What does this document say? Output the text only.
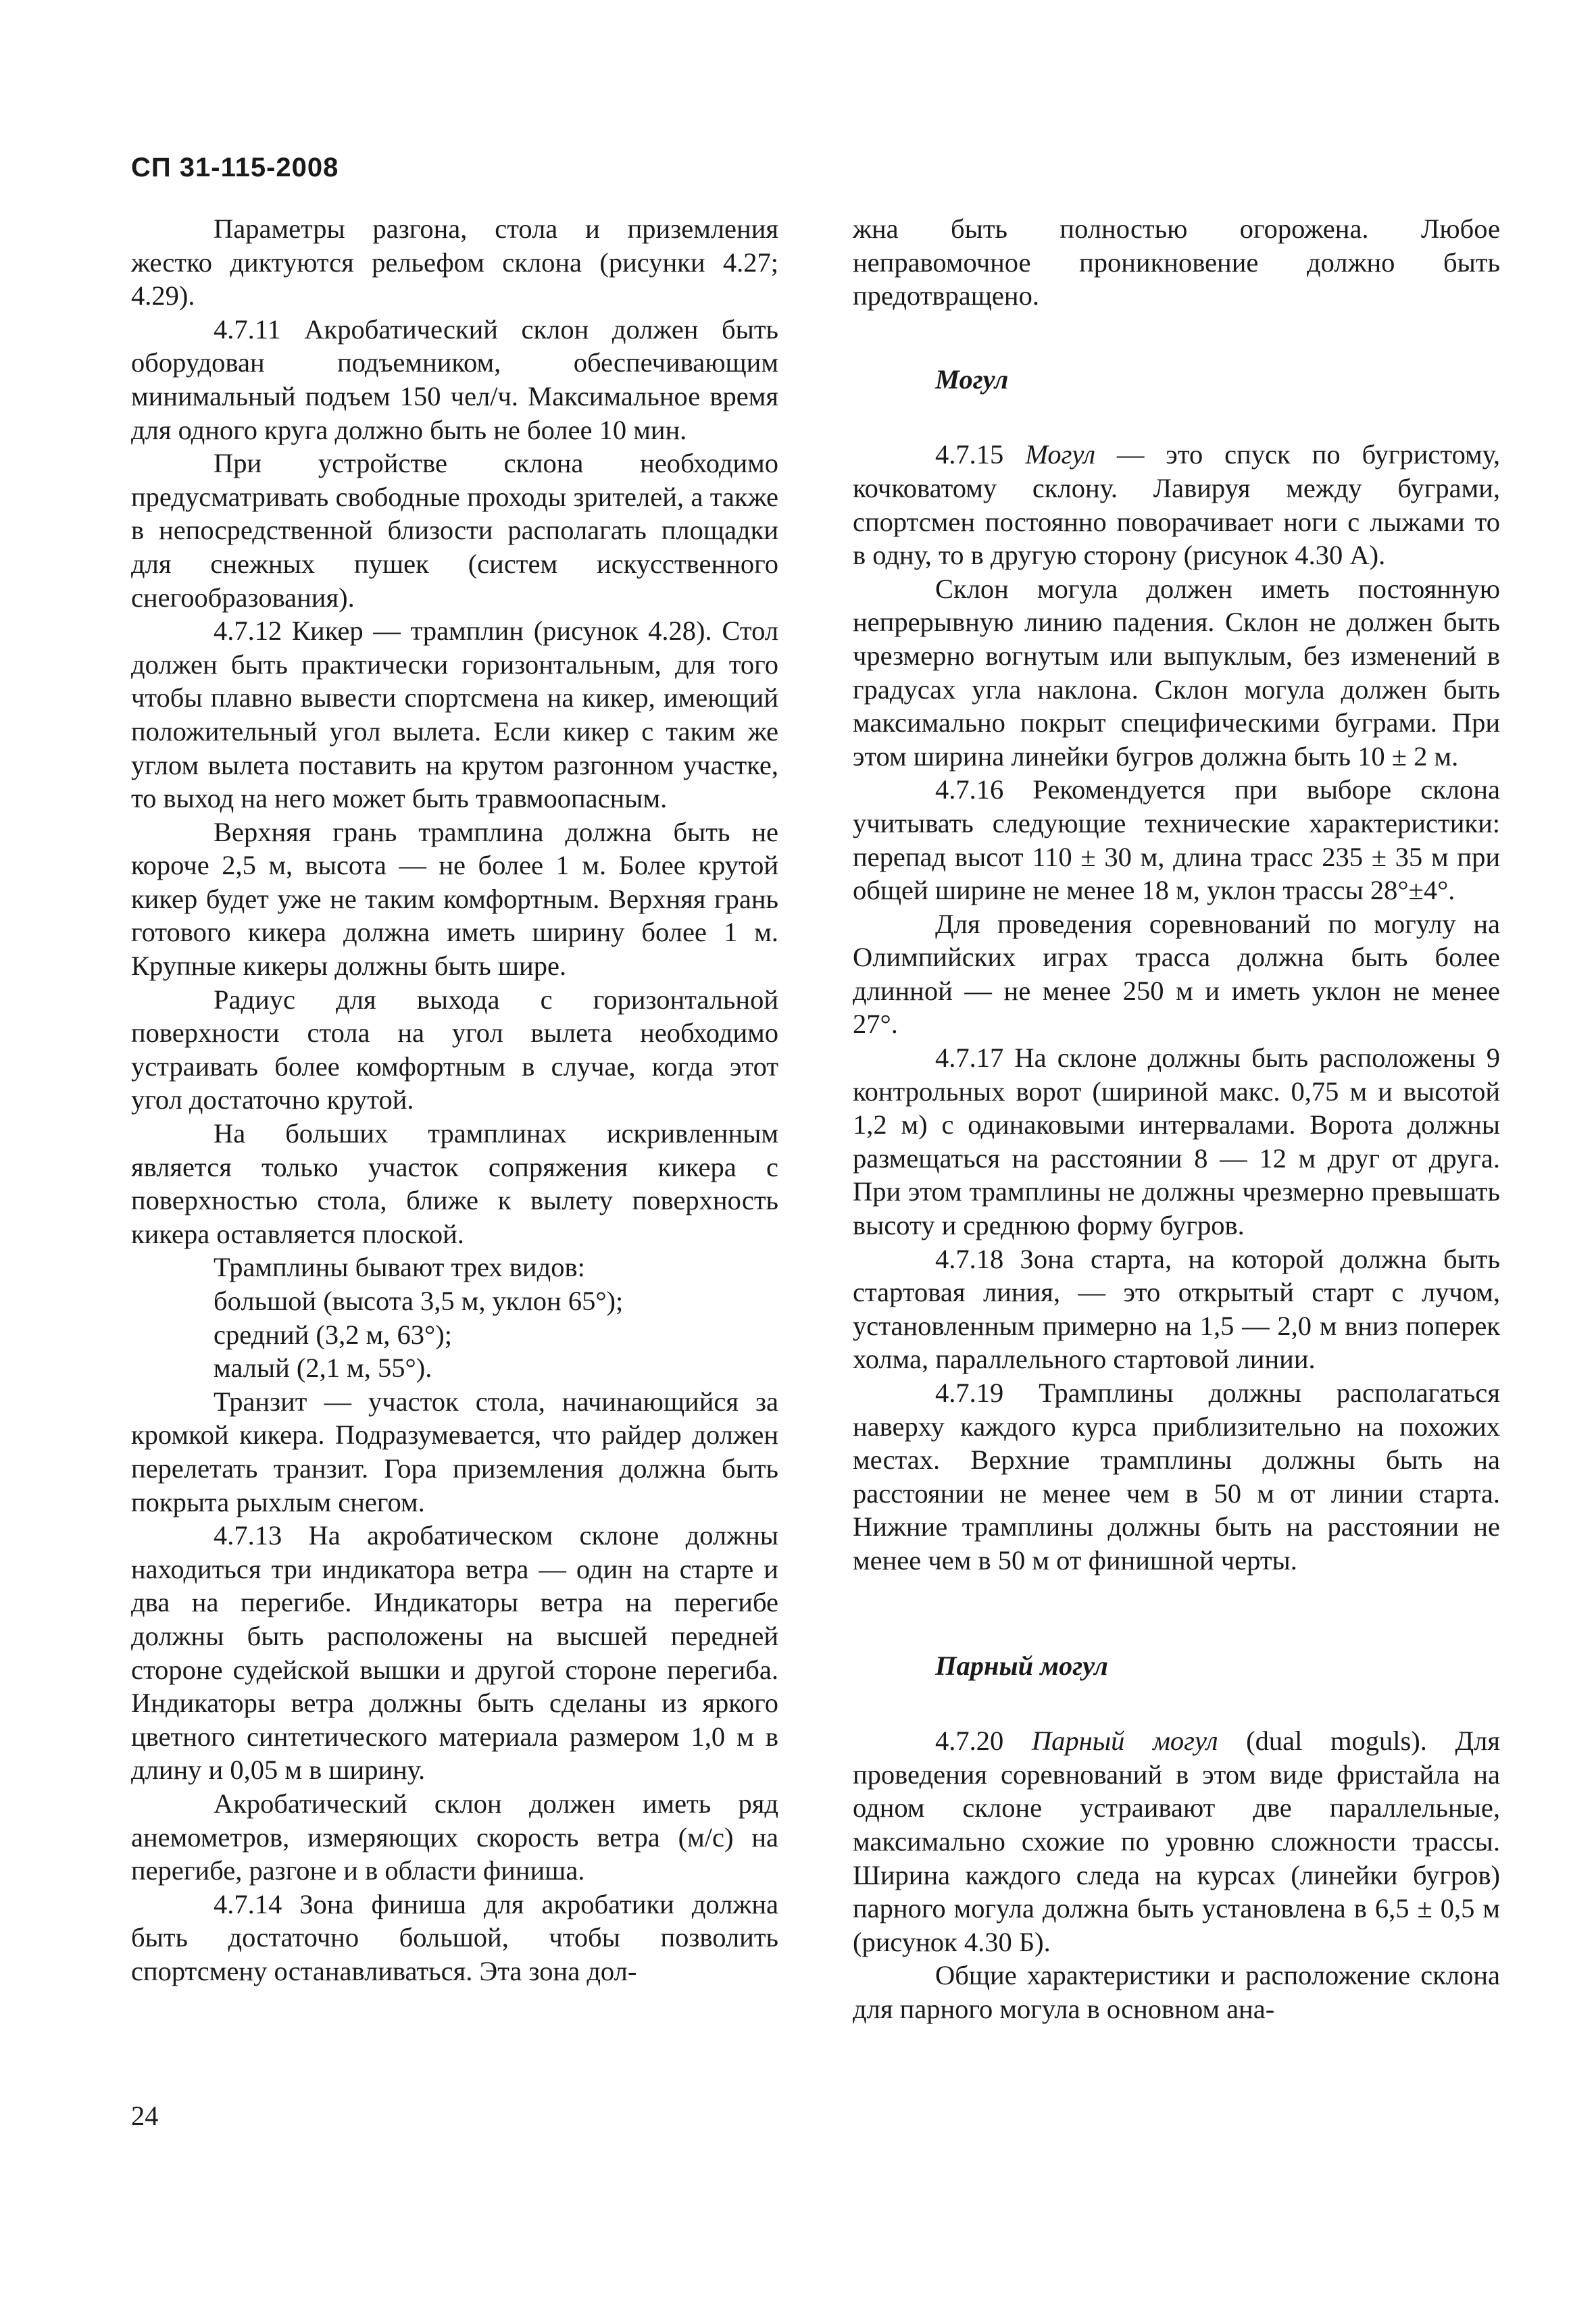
СП 31-115-2008

Параметры разгона, стола и приземления жестко диктуются рельефом склона (рисунки 4.27; 4.29).

4.7.11 Акробатический склон должен быть оборудован подъемником, обеспечивающим минимальный подъем 150 чел/ч. Максимальное время для одного круга должно быть не более 10 мин.

При устройстве склона необходимо предусматривать свободные проходы зрителей, а также в непосредственной близости располагать площадки для снежных пушек (систем искусственного снегообразования).

4.7.12 Кикер — трамплин (рисунок 4.28). Стол должен быть практически горизонтальным, для того чтобы плавно вывести спортсмена на кикер, имеющий положительный угол вылета. Если кикер с таким же углом вылета поставить на крутом разгонном участке, то выход на него может быть травмоопасным.

Верхняя грань трамплина должна быть не короче 2,5 м, высота — не более 1 м. Более крутой кикер будет уже не таким комфортным. Верхняя грань готового кикера должна иметь ширину более 1 м. Крупные кикеры должны быть шире.

Радиус для выхода с горизонтальной поверхности стола на угол вылета необходимо устраивать более комфортным в случае, когда этот угол достаточно крутой.

На больших трамплинах искривленным является только участок сопряжения кикера с поверхностью стола, ближе к вылету поверхность кикера оставляется плоской.

Трамплины бывают трех видов:

большой (высота 3,5 м, уклон 65°);

средний (3,2 м, 63°);

малый (2,1 м, 55°).

Транзит — участок стола, начинающийся за кромкой кикера. Подразумевается, что райдер должен перелетать транзит. Гора приземления должна быть покрыта рыхлым снегом.

4.7.13 На акробатическом склоне должны находиться три индикатора ветра — один на старте и два на перегибе. Индикаторы ветра на перегибе должны быть расположены на высшей передней стороне судейской вышки и другой стороне перегиба. Индикаторы ветра должны быть сделаны из яркого цветного синтетического материала размером 1,0 м в длину и 0,05 м в ширину.

Акробатический склон должен иметь ряд анемометров, измеряющих скорость ветра (м/с) на перегибе, разгоне и в области финиша.

4.7.14 Зона финиша для акробатики должна быть достаточно большой, чтобы позволить спортсмену останавливаться. Эта зона дол-

жна быть полностью огорожена. Любое неправомочное проникновение должно быть предотвращено.

Могул

4.7.15 Могул — это спуск по бугристому, кочковатому склону. Лавируя между буграми, спортсмен постоянно поворачивает ноги с лыжами то в одну, то в другую сторону (рисунок 4.30 А).

Склон могула должен иметь постоянную непрерывную линию падения. Склон не должен быть чрезмерно вогнутым или выпуклым, без изменений в градусах угла наклона. Склон могула должен быть максимально покрыт специфическими буграми. При этом ширина линейки бугров должна быть 10 ± 2 м.

4.7.16 Рекомендуется при выборе склона учитывать следующие технические характеристики: перепад высот 110 ± 30 м, длина трасс 235 ± 35 м при общей ширине не менее 18 м, уклон трассы 28°±4°.

Для проведения соревнований по могулу на Олимпийских играх трасса должна быть более длинной — не менее 250 м и иметь уклон не менее 27°.

4.7.17 На склоне должны быть расположены 9 контрольных ворот (шириной макс. 0,75 м и высотой 1,2 м) с одинаковыми интервалами. Ворота должны размещаться на расстоянии 8 — 12 м друг от друга. При этом трамплины не должны чрезмерно превышать высоту и среднюю форму бугров.

4.7.18 Зона старта, на которой должна быть стартовая линия, — это открытый старт с лучом, установленным примерно на 1,5 — 2,0 м вниз поперек холма, параллельного стартовой линии.

4.7.19 Трамплины должны располагаться наверху каждого курса приблизительно на похожих местах. Верхние трамплины должны быть на расстоянии не менее чем в 50 м от линии старта. Нижние трамплины должны быть на расстоянии не менее чем в 50 м от финишной черты.

Парный могул

4.7.20 Парный могул (dual moguls). Для проведения соревнований в этом виде фристайла на одном склоне устраивают две параллельные, максимально схожие по уровню сложности трассы. Ширина каждого следа на курсах (линейки бугров) парного могула должна быть установлена в 6,5 ± 0,5 м (рисунок 4.30 Б).

Общие характеристики и расположение склона для парного могула в основном ана-

24
